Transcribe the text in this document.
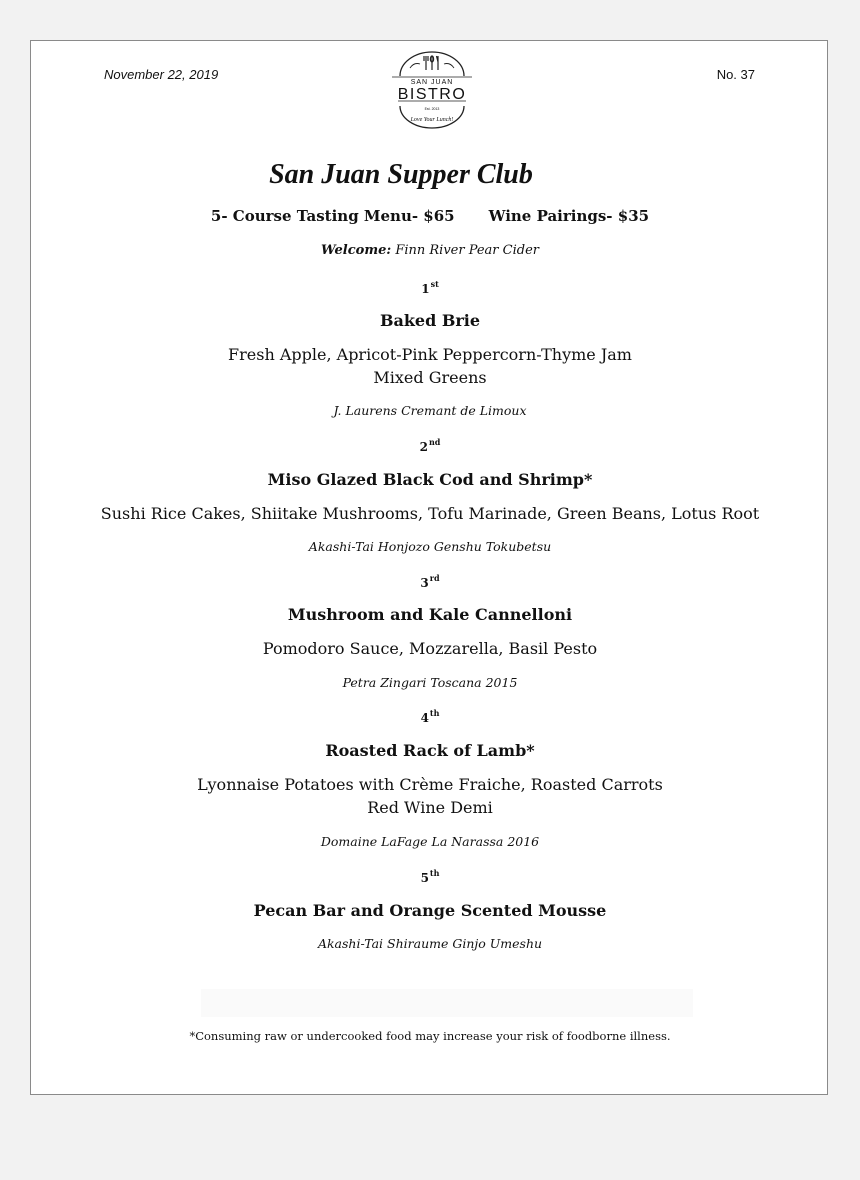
November 22, 2019	No. 37
SAN JUAN
BISTRO
Est. 2013
Love Your Lunch!
San Juan Supper Club
5- Course Tasting Menu- $65 Wine Pairings- $35
Welcome: Finn River Pear Cider
1st
Baked Brie
Fresh Apple, Apricot-Pink Peppercorn-Thyme Jam
Mixed Greens
J. Laurens Cremant de Limoux
2nd
Miso Glazed Black Cod and Shrimp*
Sushi Rice Cakes, Shiitake Mushrooms, Tofu Marinade, Green Beans, Lotus Root
Akashi-Tai Honjozo Genshu Tokubetsu
3rd
Mushroom and Kale Cannelloni
Pomodoro Sauce, Mozzarella, Basil Pesto
Petra Zingari Toscana 2015
4th
Roasted Rack of Lamb*
Lyonnaise Potatoes with Crème Fraiche, Roasted Carrots
Red Wine Demi
Domaine LaFage La Narassa 2016
5th
Pecan Bar and Orange Scented Mousse
Akashi-Tai Shiraume Ginjo Umeshu
*Consuming raw or undercooked food may increase your risk of foodborne illness.
